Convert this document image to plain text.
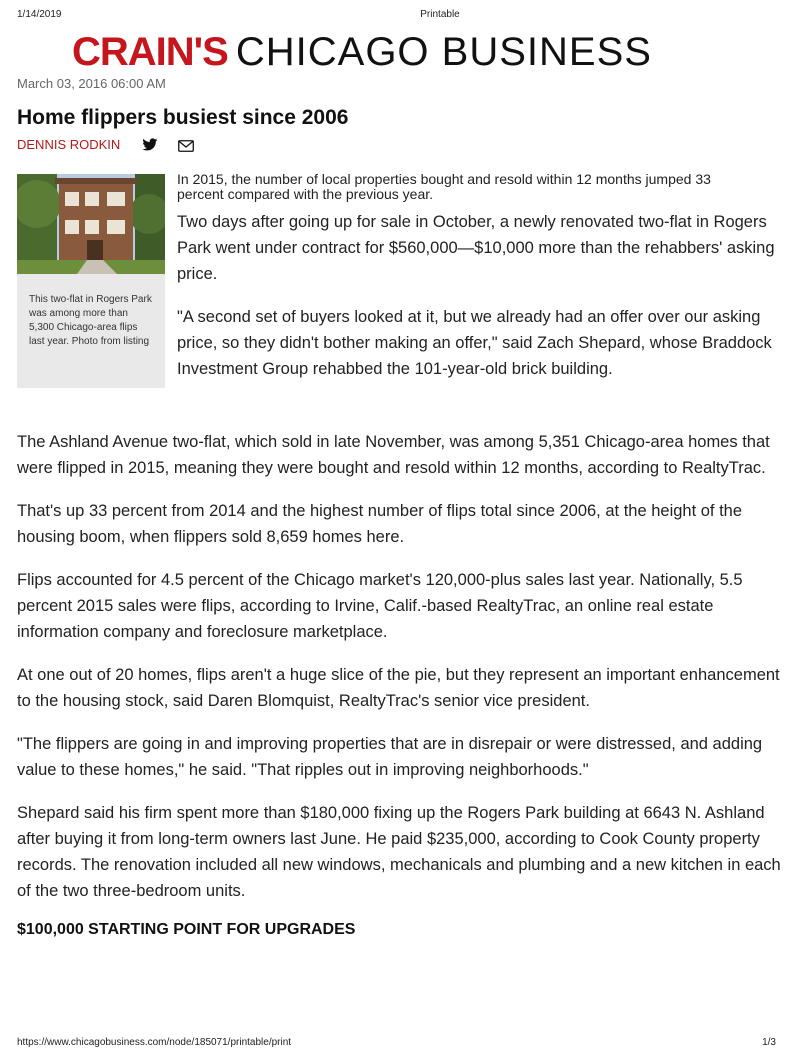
1/14/2019	Printable
CRAIN'S CHICAGO BUSINESS
March 03, 2016 06:00 AM
Home flippers busiest since 2006
DENNIS RODKIN
This two-flat in Rogers Park was among more than 5,300 Chicago-area flips last year. Photo from listing

In 2015, the number of local properties bought and resold within 12 months jumped 33 percent compared with the previous year.

Two days after going up for sale in October, a newly renovated two-flat in Rogers Park went under contract for $560,000—$10,000 more than the rehabbers' asking price.

"A second set of buyers looked at it, but we already had an offer over our asking price, so they didn't bother making an offer," said Zach Shepard, whose Braddock Investment Group rehabbed the 101-year-old brick building.

The Ashland Avenue two-flat, which sold in late November, was among 5,351 Chicago-area homes that were flipped in 2015, meaning they were bought and resold within 12 months, according to RealtyTrac.

That's up 33 percent from 2014 and the highest number of flips total since 2006, at the height of the housing boom, when flippers sold 8,659 homes here.

Flips accounted for 4.5 percent of the Chicago market's 120,000-plus sales last year. Nationally, 5.5 percent 2015 sales were flips, according to Irvine, Calif.-based RealtyTrac, an online real estate information company and foreclosure marketplace.

At one out of 20 homes, flips aren't a huge slice of the pie, but they represent an important enhancement to the housing stock, said Daren Blomquist, RealtyTrac's senior vice president.

"The flippers are going in and improving properties that are in disrepair or were distressed, and adding value to these homes," he said. "That ripples out in improving neighborhoods."

Shepard said his firm spent more than $180,000 fixing up the Rogers Park building at 6643 N. Ashland after buying it from long-term owners last June. He paid $235,000, according to Cook County property records. The renovation included all new windows, mechanicals and plumbing and a new kitchen in each of the two three-bedroom units.

$100,000 STARTING POINT FOR UPGRADES
https://www.chicagobusiness.com/node/185071/printable/print	1/3
